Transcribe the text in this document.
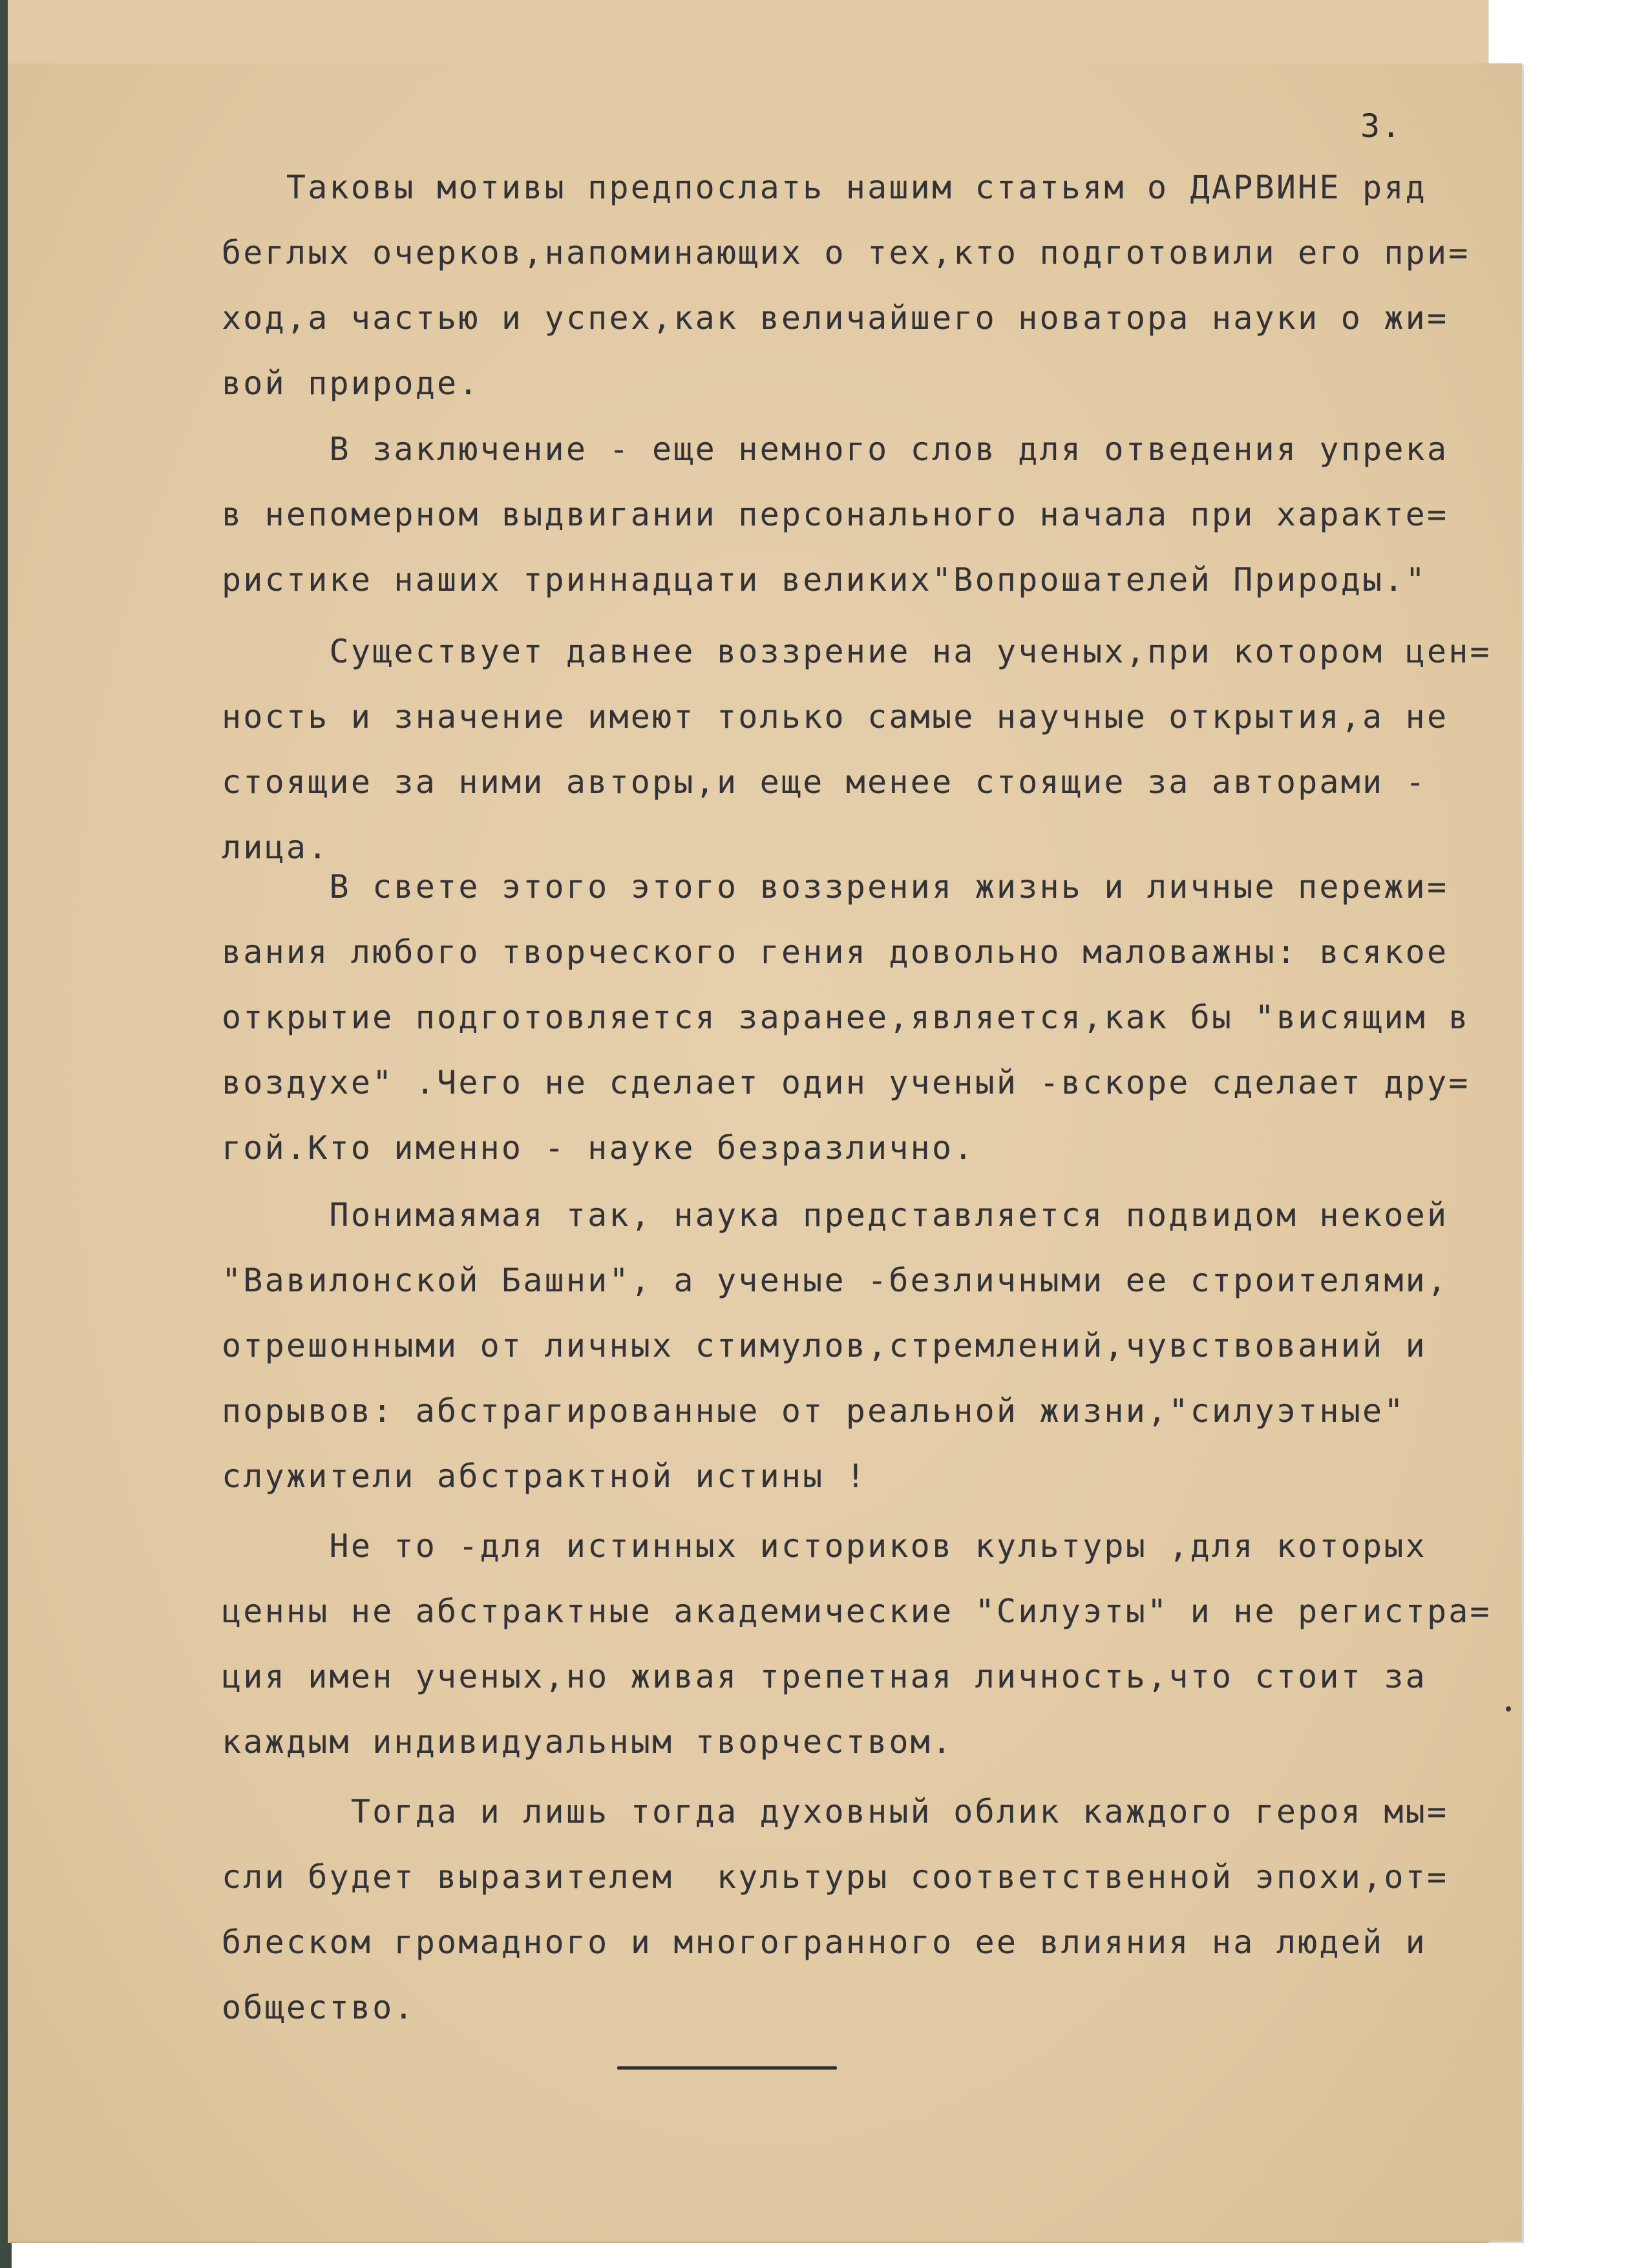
3.

Таковы мотивы предпослать нашим статьям о ДАРВИНЕ ряд
беглых очерков,напоминающих о тех,кто подготовили его при=
ход,а частью и успех,как величайшего новатора науки о жи=
вой природе.

В заключение - еще немного слов для отведения упрека
в непомерном выдвигании персонального начала при характе=
ристике наших триннадцати великих"Вопрошателей Природы."

Существует давнее воззрение на ученых,при котором цен=
ность и значение имеют только самые научные открытия,а не
стоящие за ними авторы,и еще менее стоящие за авторами -
лица.

В свете этого этого воззрения жизнь и личные пережи=
вания любого творческого гения довольно маловажны: всякое
открытие подготовляется заранее,является,как бы "висящим в
воздухе" .Чего не сделает один ученый -вскоре сделает дру=
гой.Кто именно - науке безразлично.

Понимаямая так, наука представляется подвидом некоей
"Вавилонской Башни", а ученые -безличными ее строителями,
отрешонными от личных стимулов,стремлений,чувствований и
порывов: абстрагированные от реальной жизни,"силуэтные"
служители абстрактной истины !

Не то -для истинных историков культуры ,для которых
ценны не абстрактные академические "Силуэты" и не регистра=
ция имен ученых,но живая трепетная личность,что стоит за
каждым индивидуальным творчеством.

Тогда и лишь тогда духовный облик каждого героя мы=
сли будет выразителем  культуры соответственной эпохи,от=
блеском громадного и многогранного ее влияния на людей и
общество.
